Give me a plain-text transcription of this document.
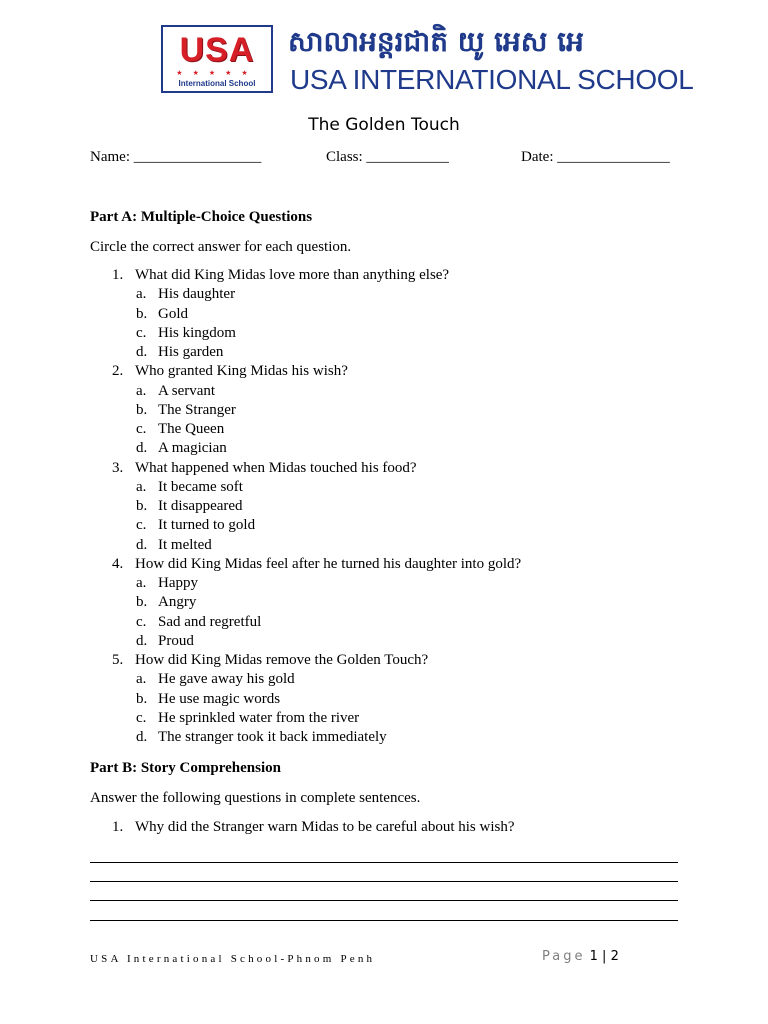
USA
★★★★★
International School
សាលាអន្តរជាតិ យូ អេស អេ
USA INTERNATIONAL SCHOOL
The Golden Touch
Name: _________________	Class: ___________	Date: _______________
Part A: Multiple-Choice Questions
Circle the correct answer for each question.
1. What did King Midas love more than anything else?
a. His daughter
b. Gold
c. His kingdom
d. His garden
2. Who granted King Midas his wish?
a. A servant
b. The Stranger
c. The Queen
d. A magician
3. What happened when Midas touched his food?
a. It became soft
b. It disappeared
c. It turned to gold
d. It melted
4. How did King Midas feel after he turned his daughter into gold?
a. Happy
b. Angry
c. Sad and regretful
d. Proud
5. How did King Midas remove the Golden Touch?
a. He gave away his gold
b. He use magic words
c. He sprinkled water from the river
d. The stranger took it back immediately
Part B: Story Comprehension
Answer the following questions in complete sentences.
1. Why did the Stranger warn Midas to be careful about his wish?
USA International School-Phnom Penh	Page 1 | 2
